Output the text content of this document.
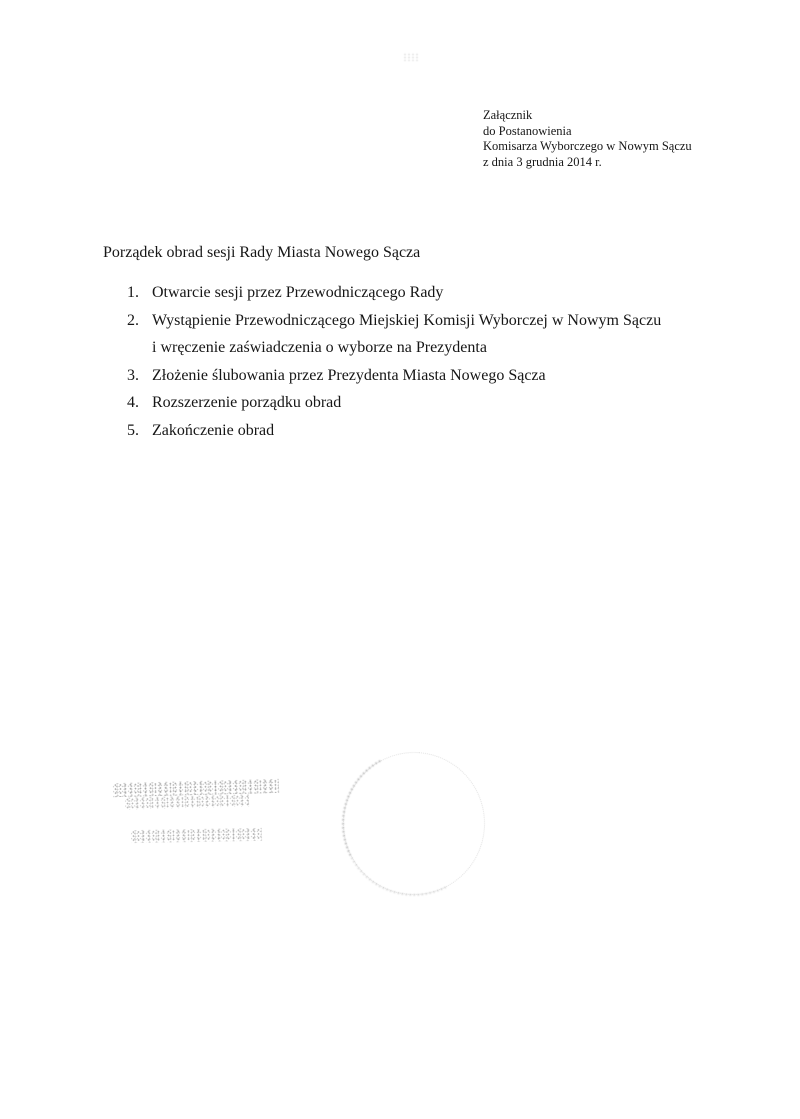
Załącznik
do Postanowienia
Komisarza Wyborczego w Nowym Sączu
z dnia 3 grudnia 2014 r.
Porządek obrad sesji Rady Miasta Nowego Sącza
1. Otwarcie sesji przez Przewodniczącego Rady
2. Wystąpienie Przewodniczącego Miejskiej Komisji Wyborczej w Nowym Sączu
i wręczenie zaświadczenia o wyborze na Prezydenta
3. Złożenie ślubowania przez Prezydenta Miasta Nowego Sącza
4. Rozszerzenie porządku obrad
5. Zakończenie obrad
